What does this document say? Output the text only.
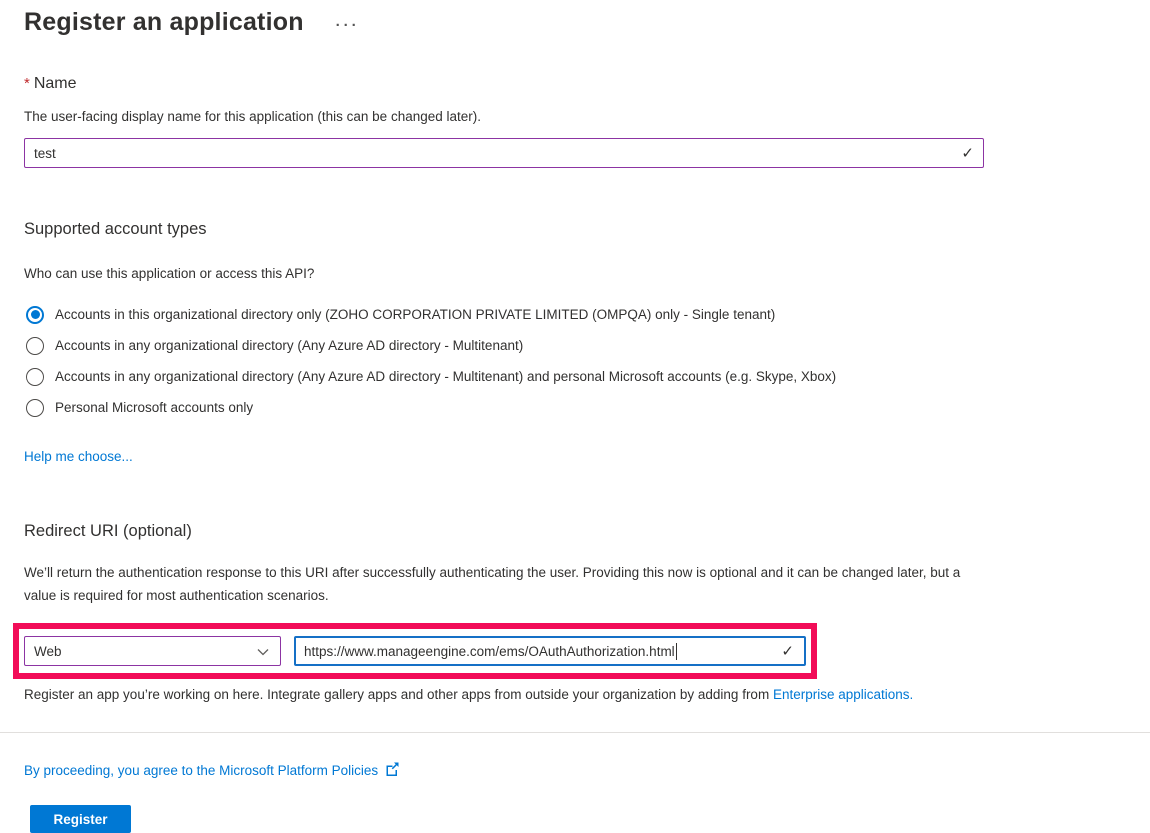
Register an application ···
* Name
The user-facing display name for this application (this can be changed later).
test
✓
Supported account types
Who can use this application or access this API?
Accounts in this organizational directory only (ZOHO CORPORATION PRIVATE LIMITED (OMPQA) only - Single tenant)
Accounts in any organizational directory (Any Azure AD directory - Multitenant)
Accounts in any organizational directory (Any Azure AD directory - Multitenant) and personal Microsoft accounts (e.g. Skype, Xbox)
Personal Microsoft accounts only
Help me choose...
Redirect URI (optional)
We’ll return the authentication response to this URI after successfully authenticating the user. Providing this now is optional and it can be changed later, but a value is required for most authentication scenarios.
Web	https://www.manageengine.com/ems/OAuthAuthorization.html	✓
Register an app you’re working on here. Integrate gallery apps and other apps from outside your organization by adding from Enterprise applications.
By proceeding, you agree to the Microsoft Platform Policies
Register
